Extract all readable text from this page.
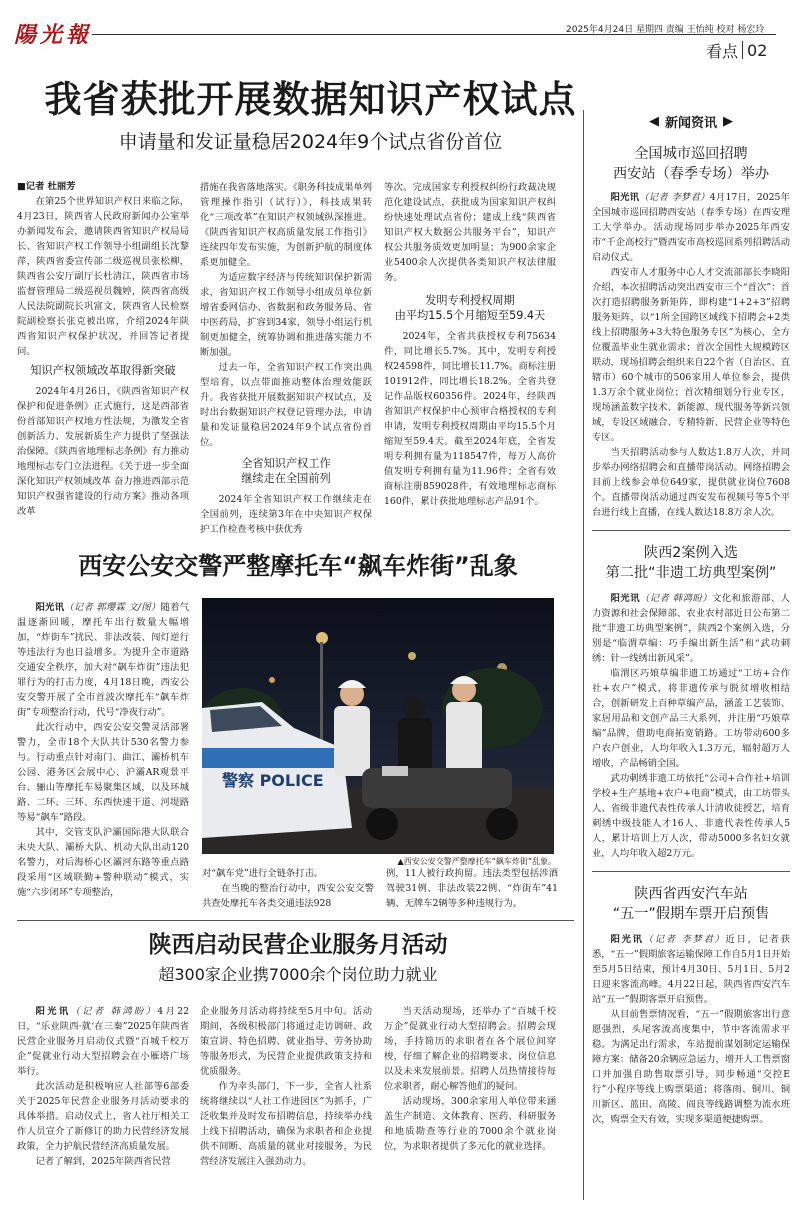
陽光報	2025年4月24日 星期四 责编 王怡纯 校对 杨宏玲
看点 02
我省获批开展数据知识产权试点
申请量和发证量稳居2024年9个试点省份首位
■记者 杜丽芳

在第25个世界知识产权日来临之际，4月23日，陕西省人民政府新闻办公室举办新闻发布会，邀请陕西省知识产权局局长、省知识产权工作领导小组副组长沈黎萍，陕西省委宣传部二级巡视员张松柳，陕西省公安厅副厅长杜清江，陕西省市场监督管理局二级巡视员魏婷，陕西省高级人民法院副院长巩富文，陕西省人民检察院副检察长张克被出席，介绍2024年陕西省知识产权保护状况，并回答记者提问。

知识产权领域改革取得新突破

2024年4月26日，《陕西省知识产权保护和促进条例》正式施行，这是西部省份首部知识产权地方性法规，为激发全省创新活力、发展新质生产力提供了坚强法治保障。《陕西省地理标志条例》有力推动地理标志专门立法进程。《关于进一步全面深化知识产权领域改革 奋力推进西部示范知识产权强省建设的行动方案》推动各项改革

措施在我省落地落实。《职务科技成果单列管理操作指引（试行）》，科技成果转化“三项改革”在知识产权领域纵深推进。《陕西省知识产权高质量发展工作指引》连续四年发布实施，为创新护航的制度体系更加健全。

为适应数字经济与传统知识保护新需求，省知识产权工作领导小组成员单位新增省委网信办、省数据和政务服务局、省中医药局，扩容到34家，领导小组运行机制更加健全，统筹协调和推进落实能力不断加强。

过去一年，全省知识产权工作突出典型培育，以点带面推动整体治理效能跃升。我省获批开展数据知识产权试点，及时出台数据知识产权登记管理办法，申请量和发证量稳居2024年9个试点省份首位。

全省知识产权工作
继续走在全国前列

2024年全省知识产权工作继续走在全国前列，连续第3年在中央知识产权保护工作检查考核中获优秀

等次。完成国家专利授权纠纷行政裁决规范化建设试点，获批成为国家知识产权纠纷快速处理试点省份；建成上线“陕西省知识产权大数据公共服务平台”，知识产权公共服务质效更加明显；为900余家企业5400余人次提供各类知识产权法律服务。

发明专利授权周期
由平均15.5个月缩短至59.4天

2024年，全省共获授权专利75634件，同比增长5.7%。其中，发明专利授权24598件，同比增长11.7%。商标注册101912件，同比增长18.2%。全省共登记作品版权60356件。2024年，经陕西省知识产权保护中心预审合格授权的专利申请，发明专利授权周期由平均15.5个月缩短至59.4天。截至2024年底，全省发明专利拥有量为118547件，每万人高价值发明专利拥有量为11.96件；全省有效商标注册859028件，有效地理标志商标160件，累计获批地理标志产品91个。

◀ 新闻资讯 ▶
全国城市巡回招聘
西安站（春季专场）举办

阳光讯（记者 李梦君）4月17日，2025年全国城市巡回招聘西安站（春季专场）在西安理工大学举办。活动现场同步举办2025年西安市“千企高校行”暨西安市高校巡回系列招聘活动启动仪式。

西安市人才服务中心人才交流部部长李晓阳介绍，本次招聘活动突出西安市三个“首次”：首次打造招聘服务新矩阵，即构建“1+2+3”招聘服务矩阵，以“1所全国跨区域线下招聘会+2类线上招聘服务+3大特色服务专区”为核心，全方位覆盖毕业生就业需求；首次全国性大规模跨区联动，现场招聘会组织来自22个省（自治区、直辖市）60个城市的506家用人单位参会，提供1.3万余个就业岗位；首次精细划分行业专区，现场涵盖数字技术、新能源、现代服务等新兴领域，专设区域融合、专精特新、民营企业等特色专区。

当天招聘活动参与人数达1.8万人次，并同步举办网络招聘会和直播带岗活动。网络招聘会目前上线参会单位649家，提供就业岗位7608个。直播带岗活动通过西安发布视频号等5个平台进行线上直播，在线人数达18.8万余人次。

陕西2案例入选
第二批“非遗工坊典型案例”

阳光讯（记者 韩鸿盼）文化和旅游部、人力资源和社会保障部、农业农村部近日公布第二批“非遗工坊典型案例”，陕西2个案例入选，分别是“临渭草编：巧手编出新生活”和“武功刺绣：针一线绣出新风采”。

临渭区巧娘草编非遗工坊通过“工坊+合作社+农户”模式，将非遗传承与脱贫增收相结合，创新研发上百种草编产品，涵盖工艺装饰、家居用品和文创产品三大系列，并注册“巧娘草编”品牌，借助电商拓宽销路。工坊带动600多户农户创业，人均年收入1.3万元，辐射超万人增收，产品畅销全国。

武功刺绣非遗工坊依托“公司+合作社+培训学校+生产基地+农户+电商”模式，由工坊带头人、省级非遗代表性传承人计清收徒授艺，培育刺绣中级技能人才16人、非遗代表性传承人5人，累计培训上万人次，带动5000多名妇女就业，人均年收入超2万元。

陕西省西安汽车站
“五一”假期车票开启预售

阳光讯（记者 李梦君）近日，记者获悉，“五一”假期旅客运输保障工作自5月1日开始至5月5日结束，预计4月30日、5月1日、5月2日迎来客流高峰。4月22日起，陕西省西安汽车站“五一”假期客票开启预售。

从目前售票情况看，“五一”假期旅客出行意愿强烈，头尾客流高度集中，节中客流需求平稳。为满足出行需求，车站提前谋划制定运输保障方案：储备20余辆应急运力，增开人工售票窗口并加强自助售取票引导，同步畅通“交控E行”小程序等线上购票渠道；将落雨、铜川、铜川新区、蓝田、高陵、阎良等线路调整为流水班次，购票全天有效，实现多渠道便捷购票。

西安公安交警严整摩托车“飙车炸街”乱象

阳光讯（记者 郭璎霖 文/图）随着气温逐渐回暖，摩托车出行数量大幅增加，“炸街车”扰民、非法改装、闯灯逆行等违法行为也日益增多。为提升全市道路交通安全秩序，加大对“飙车炸街”违法犯罪行为的打击力度，4月18日晚，西安公安交警开展了全市首波次摩托车“飙车炸街”专项整治行动，代号“净夜行动”。

此次行动中，西安公安交警灵活部署警力，全市18个大队共计530名警力参与。行动重点针对南门、曲江、灞桥机车公园、港务区会展中心、沪灞AR观景平台、骊山等摩托车易聚集区域，以及环城路、二环、三环、东西快速干道、河堤路等易“飙车”路段。

其中，交管支队沪灞国际港大队联合未央大队、灞桥大队、机动大队出动120名警力，对后海桥心区灞河东路等重点路段采用“区域联勤+警种联动”模式，实施“六步闭环”专项整治，

警察 POLICE
▲西安公安交警严整摩托车“飙车炸街”乱象。

对“飙车党”进行全链条打击。
　　在当晚的整治行动中，西安公安交警共查处摩托车各类交通违法928

例，11人被行政拘留。违法类型包括涉酒驾驶31例、非法改装22例、“炸街车”41辆、无牌车2辆等多种违规行为。

陕西启动民营企业服务月活动
超300家企业携7000余个岗位助力就业

阳光讯（记者 韩鸿盼）4月22日，“乐业陕西·就‘在三秦”2025年陕西省民营企业服务月启动仪式暨“百城千校万企”促就业行动大型招聘会在小雁塔广场举行。

此次活动是积极响应人社部等6部委关于2025年民营企业服务月活动要求的具体举措。启动仪式上，省人社厅相关工作人员宣介了新修订的助力民营经济发展政策，全力护航民营经济高质量发展。

记者了解到，2025年陕西省民营

企业服务月活动将持续至5月中旬。活动期间，各级积极部门将通过走访调研、政策宣讲、特色招聘、就业指导、劳务协助等服务形式，为民营企业提供政策支持和优质服务。

作为幸头部门，下一步，全省人社系统将继续以“人社工作进园区”为抓手，广泛收集并及时发布招聘信息，持续举办线上线下招聘活动，确保为求职者和企业提供不间断、高质量的就业对接服务，为民营经济发展注入强劲动力。

当天活动现场，还举办了“百城千校万企”促就业行动大型招聘会。招聘会现场，手持简历的求职者在各个展位间穿梭，仔细了解企业的招聘要求、岗位信息以及未来发展前景。招聘人员热情接待每位求职者，耐心解答他们的疑问。

活动现场，300余家用人单位带来涵盖生产制造、文体教育、医药、科研服务和地质勘查等行业的7000余个就业岗位，为求职者提供了多元化的就业选择。
